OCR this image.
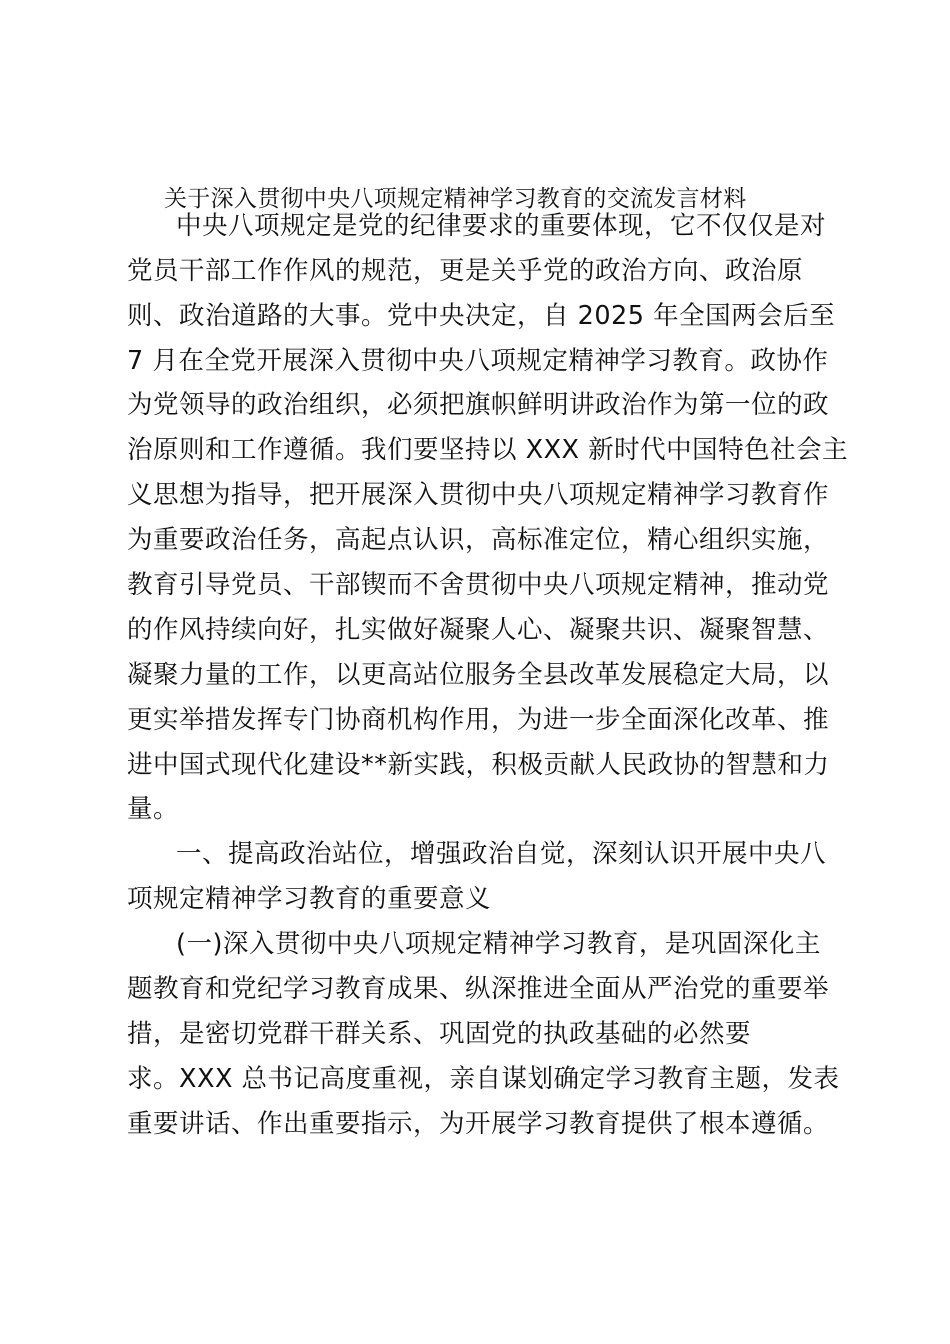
关于深入贯彻中央八项规定精神学习教育的交流发言材料
中央八项规定是党的纪律要求的重要体现，它不仅仅是对
党员干部工作作风的规范，更是关乎党的政治方向、政治原
则、政治道路的大事。党中央决定，自 2025 年全国两会后至
7 月在全党开展深入贯彻中央八项规定精神学习教育。政协作
为党领导的政治组织，必须把旗帜鲜明讲政治作为第一位的政
治原则和工作遵循。我们要坚持以 XXX 新时代中国特色社会主
义思想为指导，把开展深入贯彻中央八项规定精神学习教育作
为重要政治任务，高起点认识，高标准定位，精心组织实施，
教育引导党员、干部锲而不舍贯彻中央八项规定精神，推动党
的作风持续向好，扎实做好凝聚人心、凝聚共识、凝聚智慧、
凝聚力量的工作，以更高站位服务全县改革发展稳定大局，以
更实举措发挥专门协商机构作用，为进一步全面深化改革、推
进中国式现代化建设**新实践，积极贡献人民政协的智慧和力
量。
一、提高政治站位，增强政治自觉，深刻认识开展中央八
项规定精神学习教育的重要意义
(一)深入贯彻中央八项规定精神学习教育，是巩固深化主
题教育和党纪学习教育成果、纵深推进全面从严治党的重要举
措，是密切党群干群关系、巩固党的执政基础的必然要
求。XXX 总书记高度重视，亲自谋划确定学习教育主题，发表
重要讲话、作出重要指示，为开展学习教育提供了根本遵循。
